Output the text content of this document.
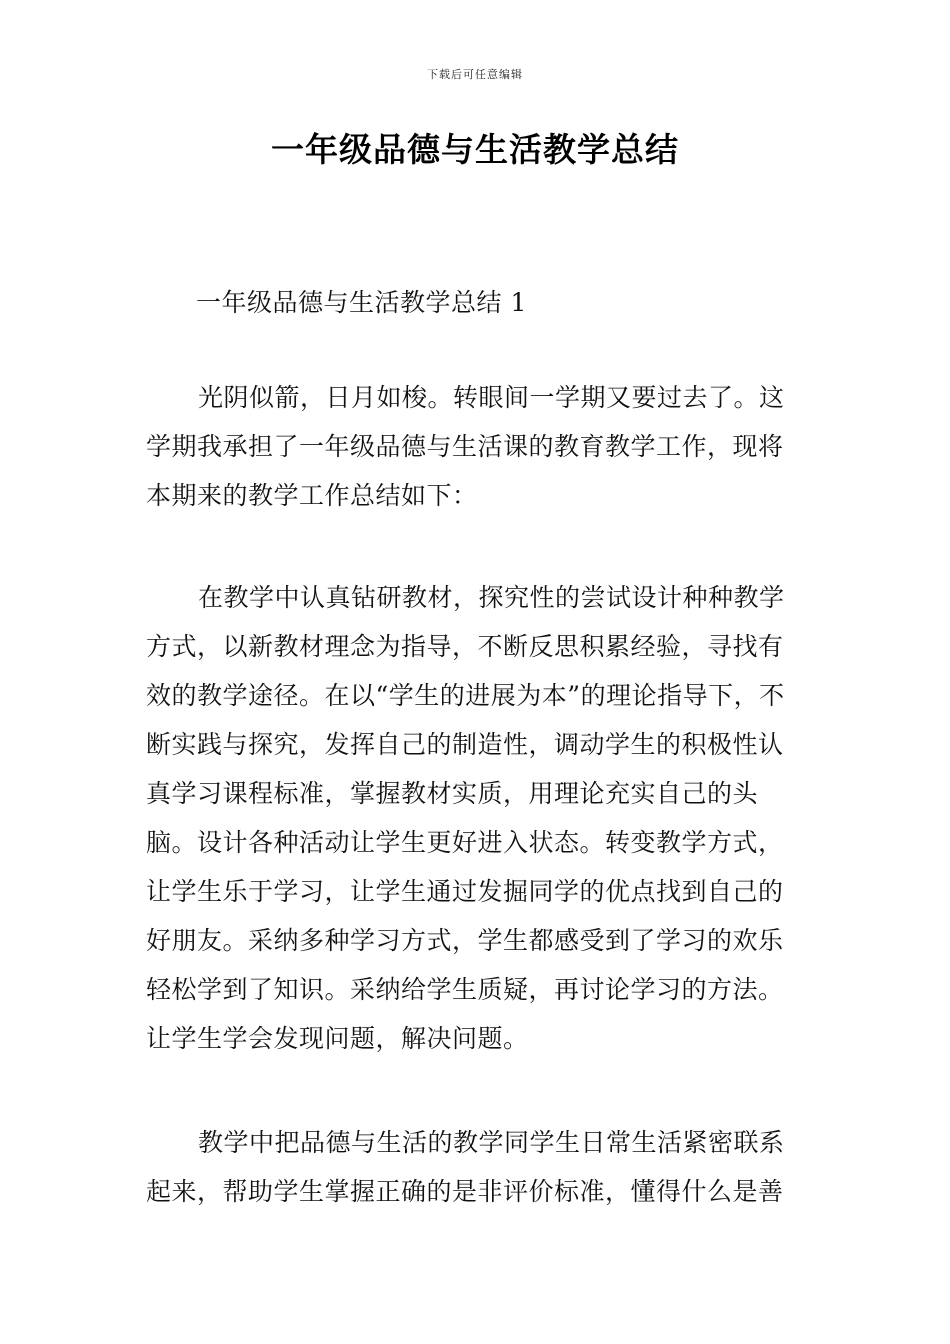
下载后可任意编辑
一年级品德与生活教学总结

一年级品德与生活教学总结 1

光阴似箭，日月如梭。转眼间一学期又要过去了。这学期我承担了一年级品德与生活课的教育教学工作，现将本期来的教学工作总结如下：

在教学中认真钻研教材，探究性的尝试设计种种教学方式，以新教材理念为指导，不断反思积累经验，寻找有效的教学途径。在以“学生的进展为本”的理论指导下，不断实践与探究，发挥自己的制造性，调动学生的积极性认真学习课程标准，掌握教材实质，用理论充实自己的头脑。设计各种活动让学生更好进入状态。转变教学方式，让学生乐于学习，让学生通过发掘同学的优点找到自己的好朋友。采纳多种学习方式，学生都感受到了学习的欢乐轻松学到了知识。采纳给学生质疑，再讨论学习的方法。让学生学会发现问题，解决问题。

教学中把品德与生活的教学同学生日常生活紧密联系起来，帮助学生掌握正确的是非评价标准，懂得什么是善
